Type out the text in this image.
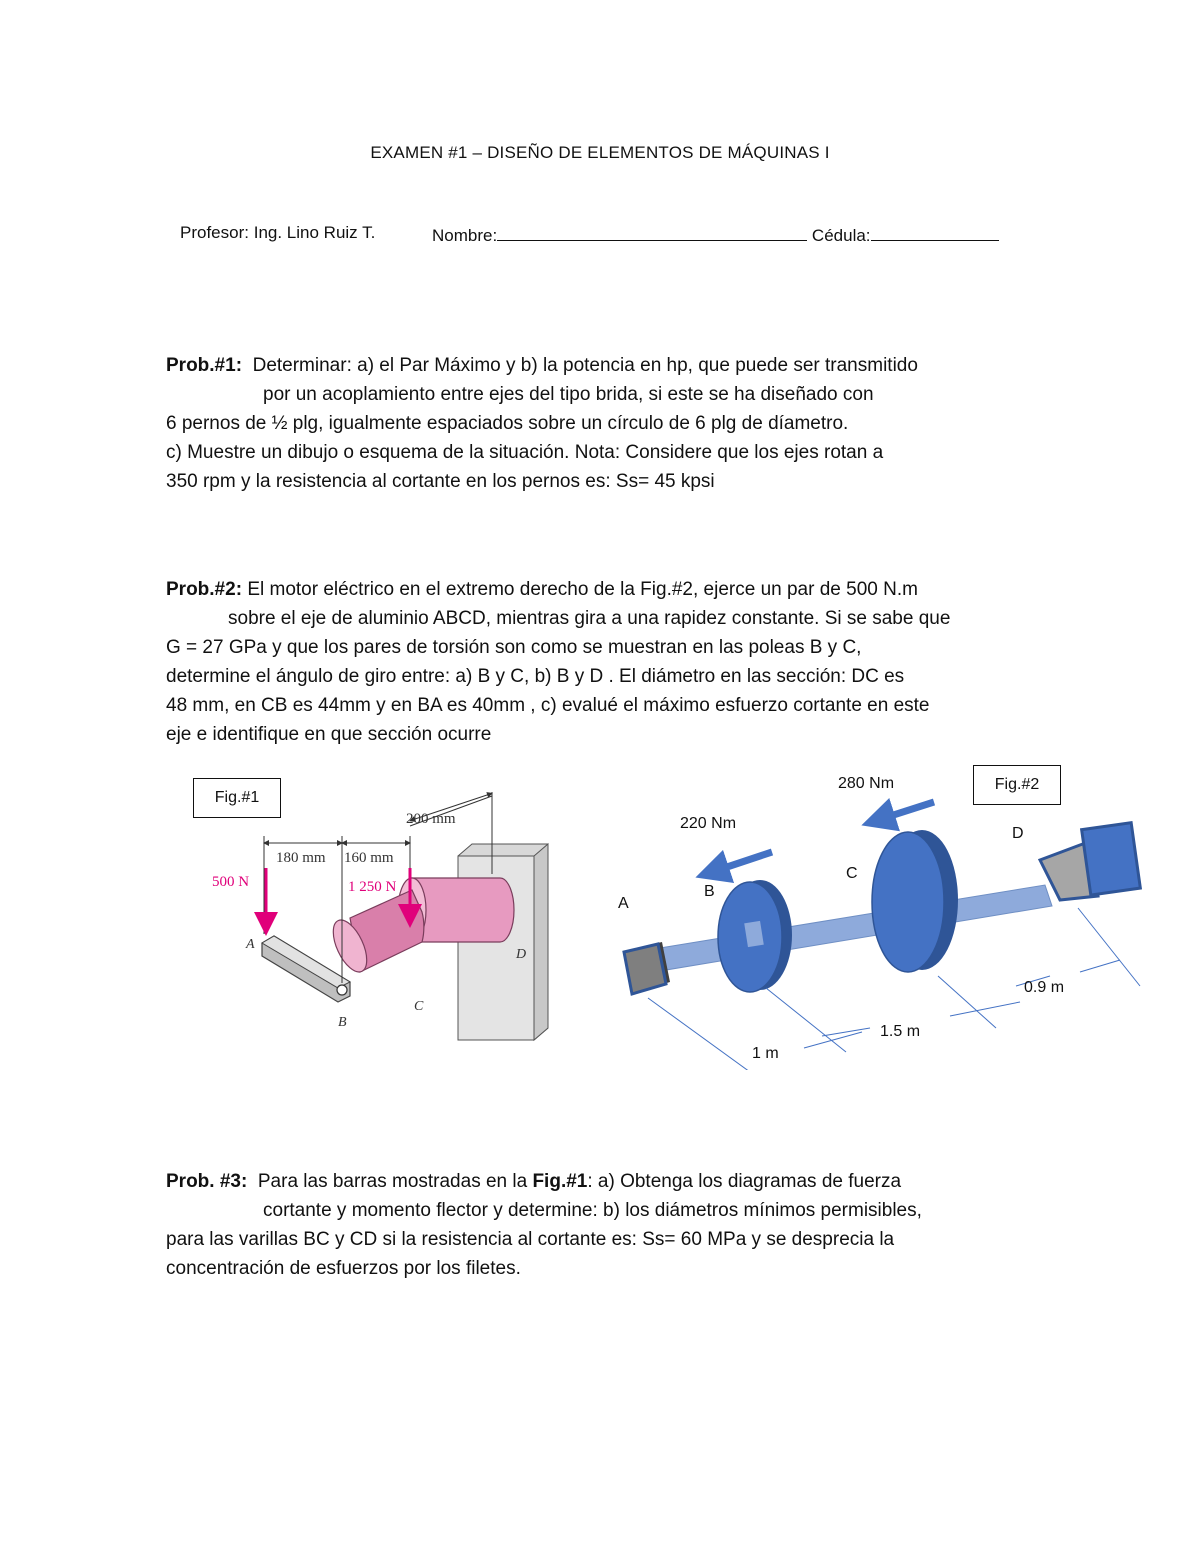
EXAMEN #1 – DISEÑO DE ELEMENTOS DE MÁQUINAS I
Profesor: Ing. Lino Ruiz T.	Nombre:	Cédula:
Prob.#1: Determinar: a) el Par Máximo y b) la potencia en hp, que puede ser transmitido
por un acoplamiento entre ejes del tipo brida, si este se ha diseñado con
6 pernos de ½ plg, igualmente espaciados sobre un círculo de 6 plg de díametro.
c) Muestre un dibujo o esquema de la situación. Nota: Considere que los ejes rotan a
350 rpm y la resistencia al cortante en los pernos es: Ss= 45 kpsi
Prob.#2: El motor eléctrico en el extremo derecho de la Fig.#2, ejerce un par de 500 N.m
sobre el eje de aluminio ABCD, mientras gira a una rapidez constante. Si se sabe que
G = 27 GPa y que los pares de torsión son como se muestran en las poleas B y C,
determine el ángulo de giro entre: a) B y C, b) B y D . El diámetro en las sección: DC es
48 mm, en CB es 44mm y en BA es 40mm , c) evalué el máximo esfuerzo cortante en este
eje e identifique en que sección ocurre
Fig.#1
200 mm
180 mm 160 mm
500 N	1 250 N
A
B
C
D
280 Nm
220 Nm
A
B
C
D
1 m
1.5 m
0.9 m
Fig.#2
Prob. #3: Para las barras mostradas en la Fig.#1: a) Obtenga los diagramas de fuerza
cortante y momento flector y determine: b) los diámetros mínimos permisibles,
para las varillas BC y CD si la resistencia al cortante es: Ss= 60 MPa y se desprecia la
concentración de esfuerzos por los filetes.
